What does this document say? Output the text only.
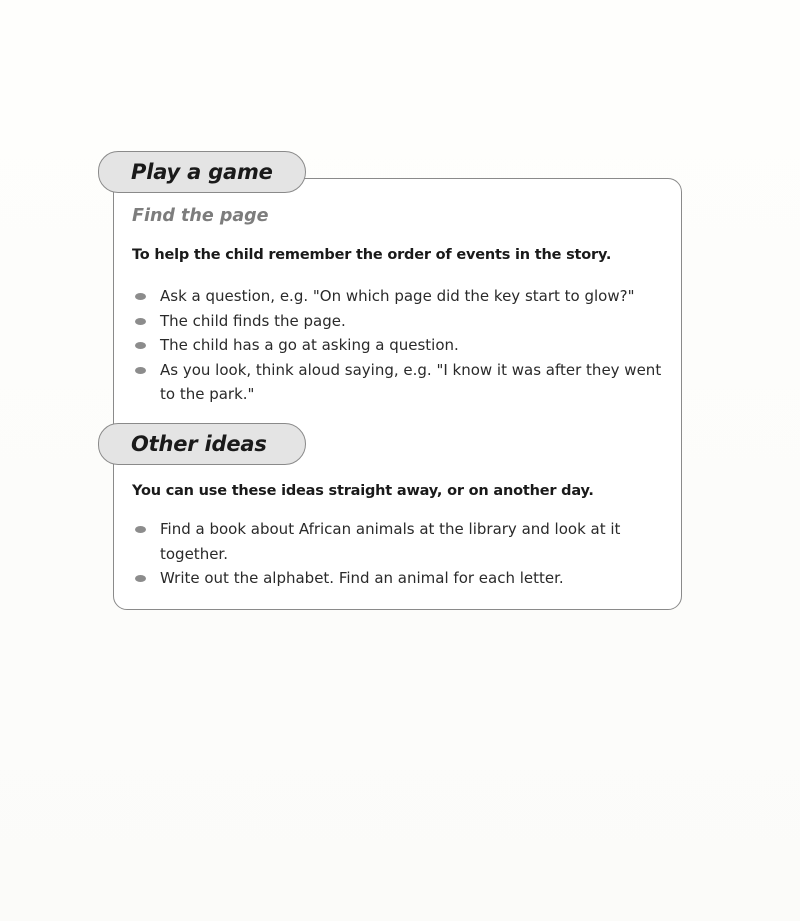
Play a game
Find the page
To help the child remember the order of events in the story.
Ask a question, e.g. "On which page did the key start to glow?"
The child finds the page.
The child has a go at asking a question.
As you look, think aloud saying, e.g. "I know it was after they went to the park."
Other ideas
You can use these ideas straight away, or on another day.
Find a book about African animals at the library and look at it together.
Write out the alphabet. Find an animal for each letter.
